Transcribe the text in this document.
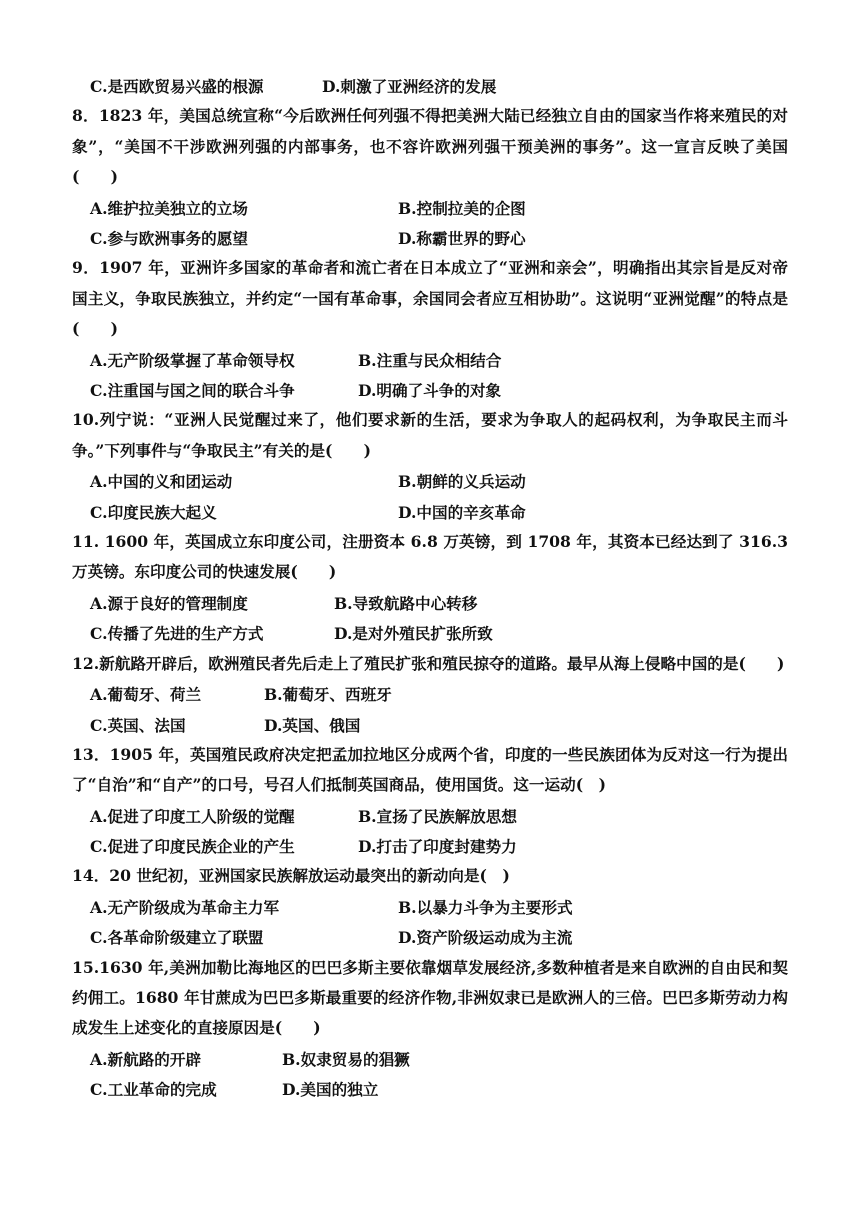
C.是西欧贸易兴盛的根源	D.刺激了亚洲经济的发展

8．1823 年，美国总统宣称“今后欧洲任何列强不得把美洲大陆已经独立自由的国家当作将来殖民的对象”，“美国不干涉欧洲列强的内部事务，也不容许欧洲列强干预美洲的事务”。这一宣言反映了美国(　　)

A.维护拉美独立的立场	B.控制拉美的企图
C.参与欧洲事务的愿望	D.称霸世界的野心

9．1907 年，亚洲许多国家的革命者和流亡者在日本成立了“亚洲和亲会”，明确指出其宗旨是反对帝国主义，争取民族独立，并约定“一国有革命事，余国同会者应互相协助”。这说明“亚洲觉醒”的特点是(　　)

A.无产阶级掌握了革命领导权	B.注重与民众相结合
C.注重国与国之间的联合斗争	D.明确了斗争的对象

10.列宁说：“亚洲人民觉醒过来了，他们要求新的生活，要求为争取人的起码权利，为争取民主而斗争。”下列事件与“争取民主”有关的是(　　)

A.中国的义和团运动	B.朝鲜的义兵运动
C.印度民族大起义	D.中国的辛亥革命

11. 1600 年，英国成立东印度公司，注册资本 6.8 万英镑，到 1708 年，其资本已经达到了 316.3 万英镑。东印度公司的快速发展(　　)

A.源于良好的管理制度	B.导致航路中心转移
C.传播了先进的生产方式	D.是对外殖民扩张所致

12.新航路开辟后，欧洲殖民者先后走上了殖民扩张和殖民掠夺的道路。最早从海上侵略中国的是(　　)

A.葡萄牙、荷兰	B.葡萄牙、西班牙
C.英国、法国	D.英国、俄国

13．1905 年，英国殖民政府决定把孟加拉地区分成两个省，印度的一些民族团体为反对这一行为提出了“自治”和“自产”的口号，号召人们抵制英国商品，使用国货。这一运动(　)

A.促进了印度工人阶级的觉醒	B.宣扬了民族解放思想
C.促进了印度民族企业的产生	D.打击了印度封建势力

14．20 世纪初，亚洲国家民族解放运动最突出的新动向是(　)

A.无产阶级成为革命主力军	B.以暴力斗争为主要形式
C.各革命阶级建立了联盟	D.资产阶级运动成为主流

15.1630 年,美洲加勒比海地区的巴巴多斯主要依靠烟草发展经济,多数种植者是来自欧洲的自由民和契约佣工。1680 年甘蔗成为巴巴多斯最重要的经济作物,非洲奴隶已是欧洲人的三倍。巴巴多斯劳动力构成发生上述变化的直接原因是(　　)

A.新航路的开辟	B.奴隶贸易的猖獗
C.工业革命的完成	D.美国的独立
